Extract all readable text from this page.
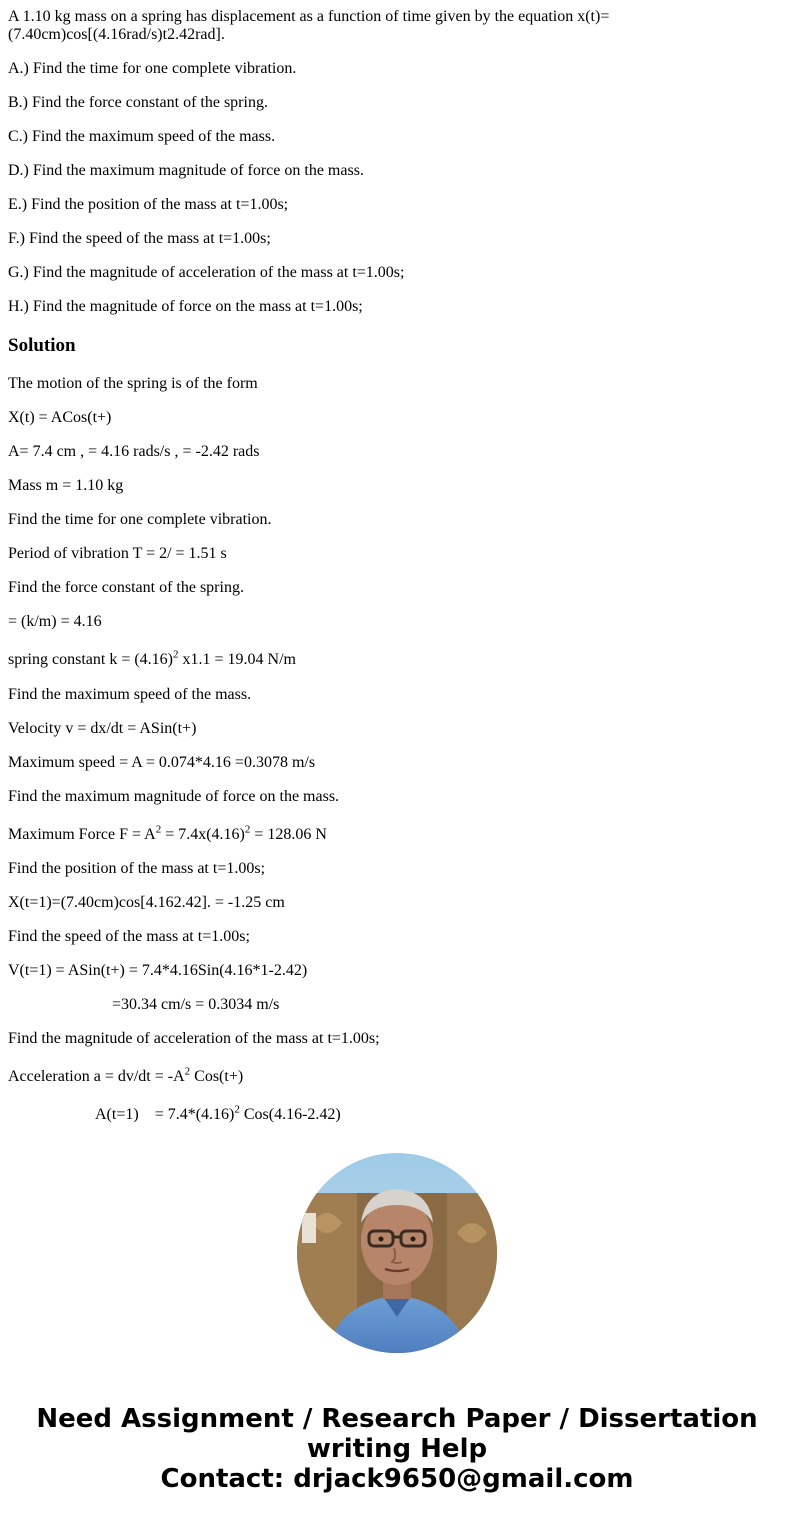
A 1.10 kg mass on a spring has displacement as a function of time given by the equation x(t)=

(7.40cm)cos[(4.16rad/s)t2.42rad].

A.) Find the time for one complete vibration.

B.) Find the force constant of the spring.

C.) Find the maximum speed of the mass.

D.) Find the maximum magnitude of force on the mass.

E.) Find the position of the mass at t=1.00s;

F.) Find the speed of the mass at t=1.00s;

G.) Find the magnitude of acceleration of the mass at t=1.00s;

H.) Find the magnitude of force on the mass at t=1.00s;

Solution

The motion of the spring is of the form

X(t) = ACos(t+)

A= 7.4 cm , = 4.16 rads/s , = -2.42 rads

Mass m = 1.10 kg

Find the time for one complete vibration.

Period of vibration T = 2/ = 1.51 s

Find the force constant of the spring.

= (k/m) = 4.16

spring constant $k = (4.16)^2$ x1.1 = 19.04 N/m

Find the maximum speed of the mass.

Velocity v = dx/dt = ASin(t+)

Maximum speed = A = 0.074*4.16 =0.3078 m/s

Find the maximum magnitude of force on the mass.

Maximum Force $F = A^2 = 7.4x(4.16)^2 = 128.06$ N

Find the position of the mass at t=1.00s;

X(t=1)=(7.40cm)cos[4.162.42]. = -1.25 cm

Find the speed of the mass at t=1.00s;

V(t=1) = ASin(t+) = 7.4*4.16Sin(4.16*1-2.42)

=30.34 cm/s = 0.3034 m/s

Find the magnitude of acceleration of the mass at t=1.00s;

Acceleration $a = dv/dt = -A^2$ Cos(t+)

$A(t=1) = 7.4*(4.16)^2$ Cos(4.16-2.42)

Need Assignment / Research Paper / Dissertation
writing Help
Contact: drjack9650@gmail.com
